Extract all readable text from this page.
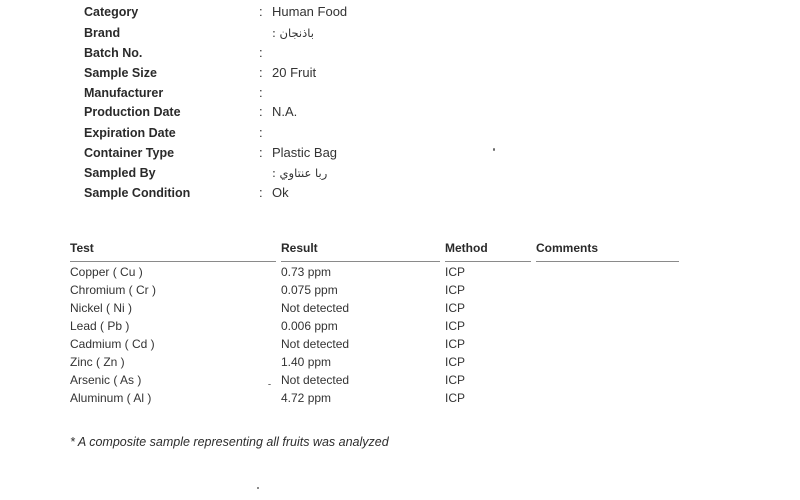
Category	: Human Food
Brand	باذنجان :
Batch No.	:
Sample Size	: 20 Fruit
Manufacturer	:
Production Date	: N.A.
Expiration Date	:
Container Type	: Plastic Bag
Sampled By	ربا عنتاوي :
Sample Condition	: Ok
Test	Result	Method	Comments
Copper ( Cu )	0.73 ppm	ICP
Chromium ( Cr )	0.075 ppm	ICP
Nickel ( Ni )	Not detected	ICP
Lead ( Pb )	0.006 ppm	ICP
Cadmium ( Cd )	Not detected	ICP
Zinc ( Zn )	1.40 ppm	ICP
Arsenic ( As )	Not detected	ICP
Aluminum ( Al )	4.72 ppm	ICP
* A composite sample representing all fruits was analyzed
